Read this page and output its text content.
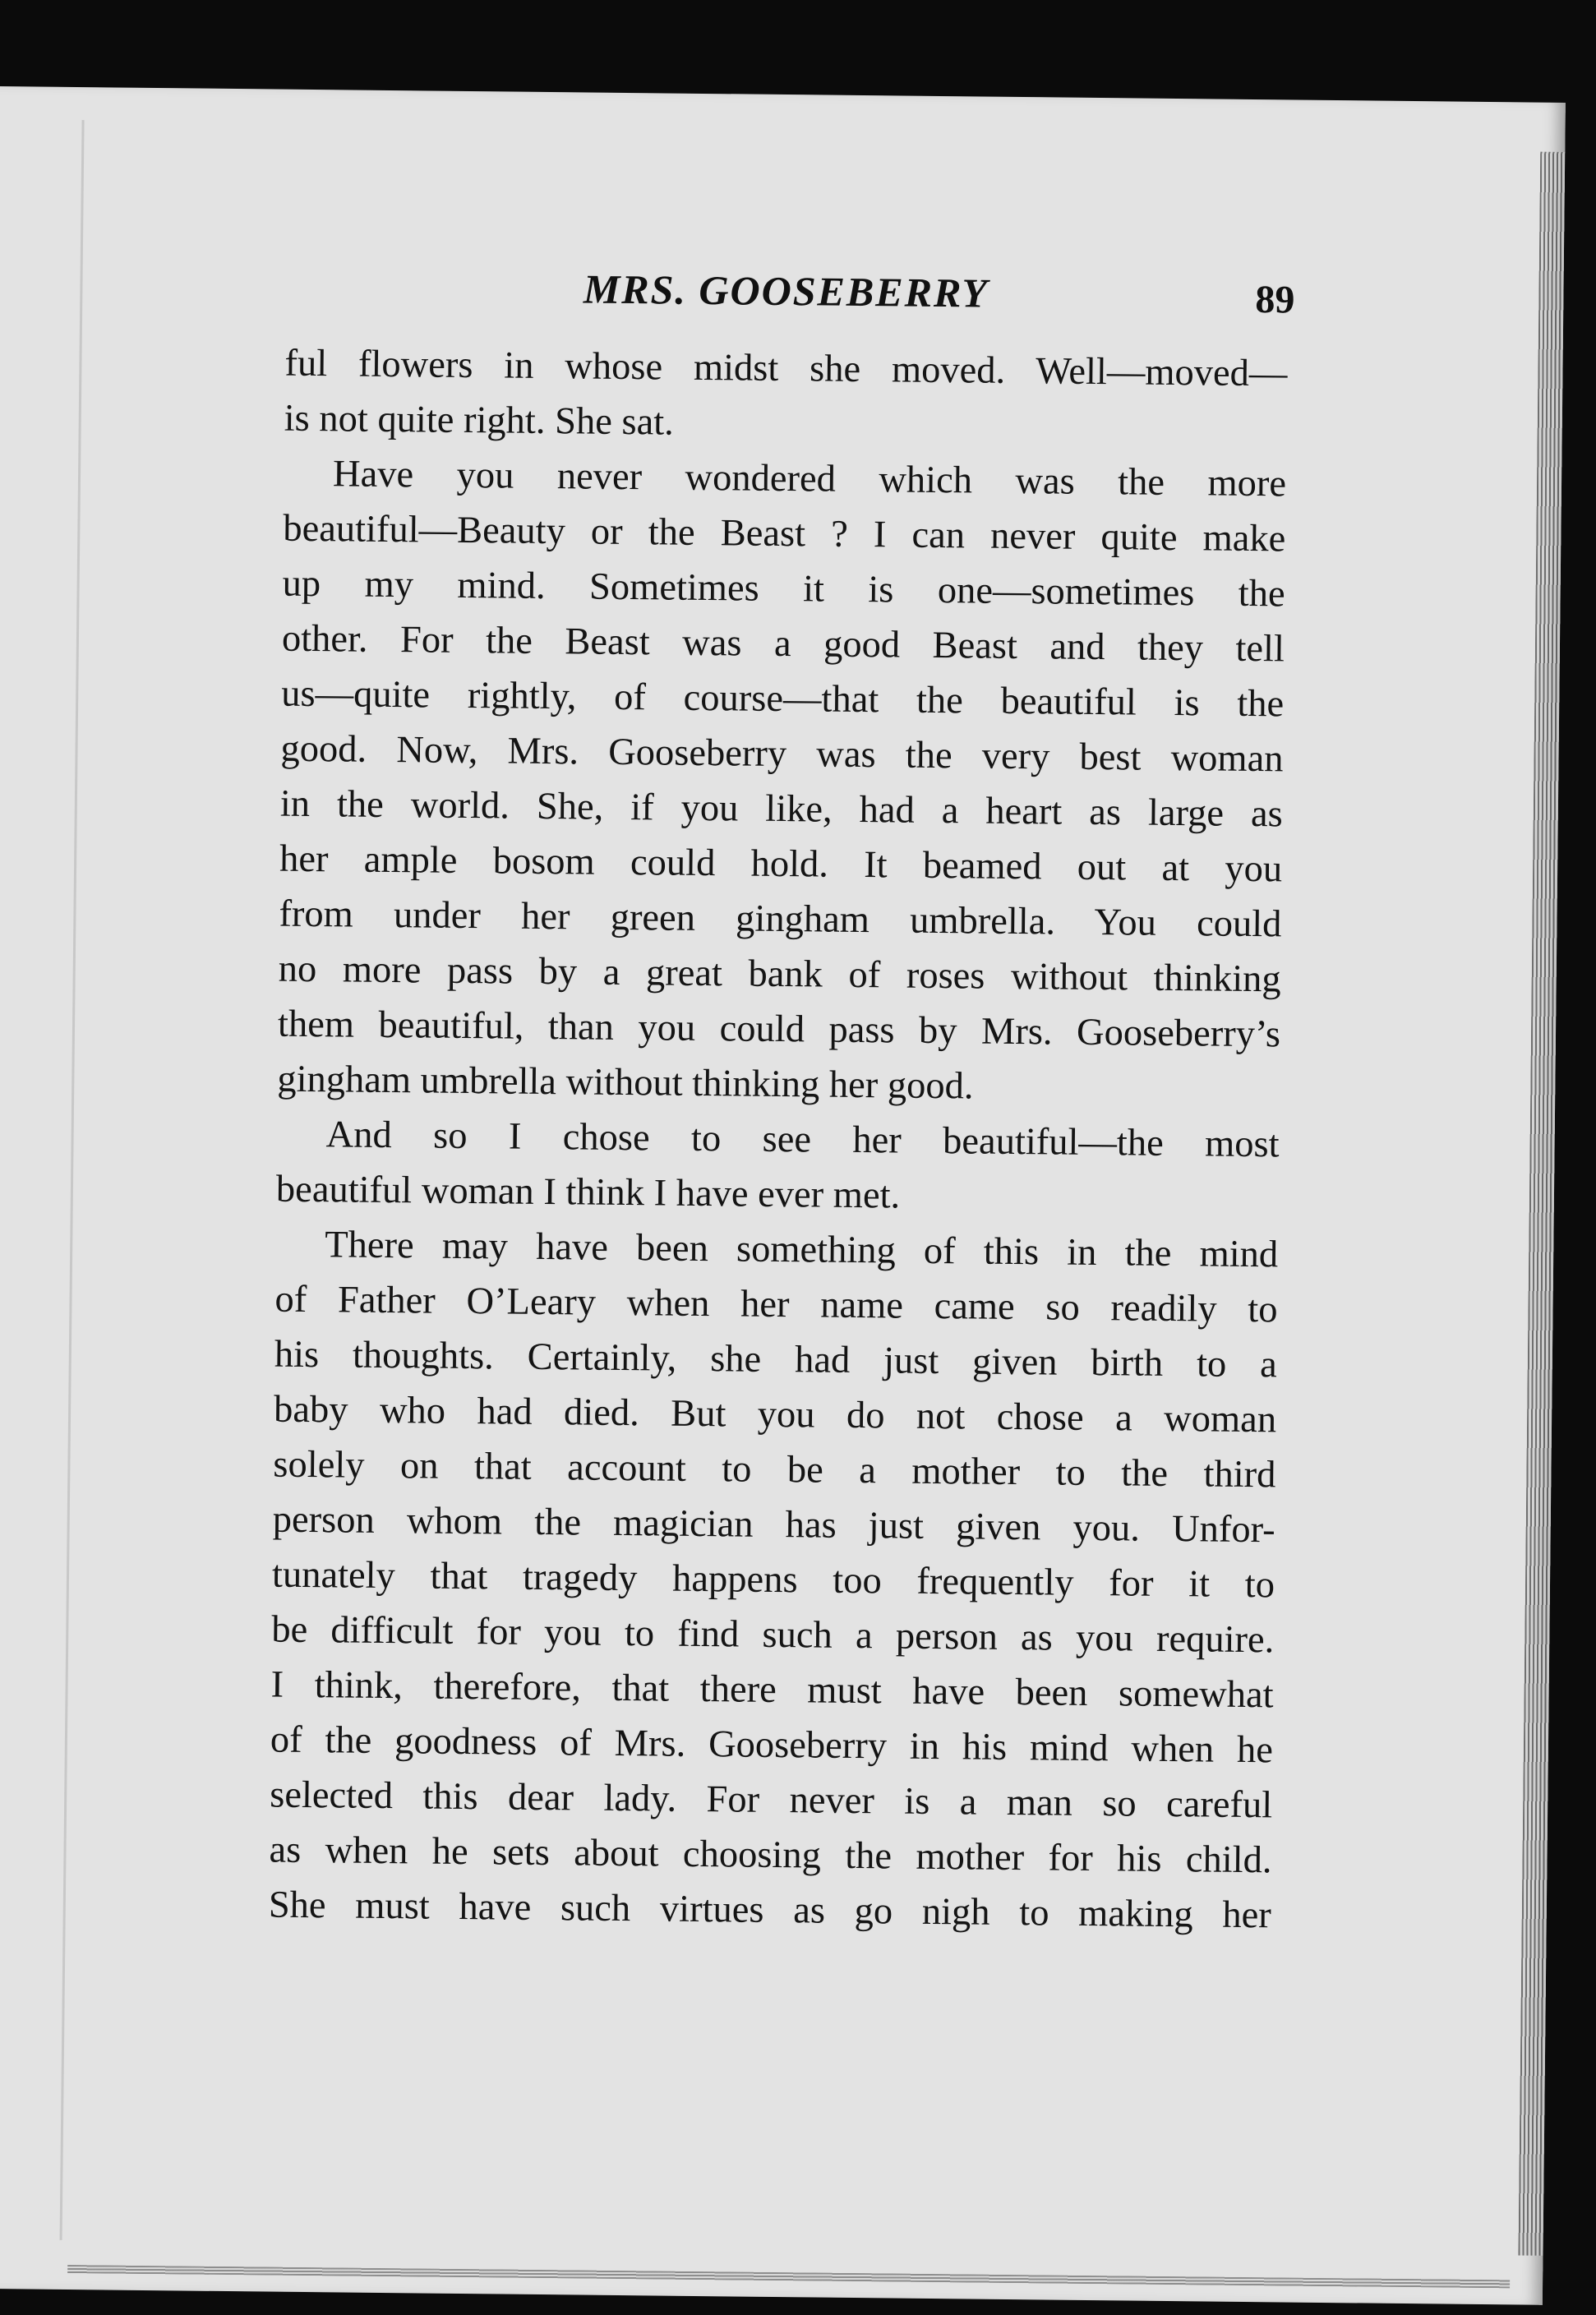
MRS. GOOSEBERRY	89
ful flowers in whose midst she moved. Well—moved—
is not quite right. She sat.
Have you never wondered which was the more
beautiful—Beauty or the Beast ? I can never quite make
up my mind. Sometimes it is one—sometimes the
other. For the Beast was a good Beast and they tell
us—quite rightly, of course—that the beautiful is the
good. Now, Mrs. Gooseberry was the very best woman
in the world. She, if you like, had a heart as large as
her ample bosom could hold. It beamed out at you
from under her green gingham umbrella. You could
no more pass by a great bank of roses without thinking
them beautiful, than you could pass by Mrs. Gooseberry’s
gingham umbrella without thinking her good.
And so I chose to see her beautiful—the most
beautiful woman I think I have ever met.
There may have been something of this in the mind
of Father O’Leary when her name came so readily to
his thoughts. Certainly, she had just given birth to a
baby who had died. But you do not chose a woman
solely on that account to be a mother to the third
person whom the magician has just given you. Unfor-
tunately that tragedy happens too frequently for it to
be difficult for you to find such a person as you require.
I think, therefore, that there must have been somewhat
of the goodness of Mrs. Gooseberry in his mind when he
selected this dear lady. For never is a man so careful
as when he sets about choosing the mother for his child.
She must have such virtues as go nigh to making her
